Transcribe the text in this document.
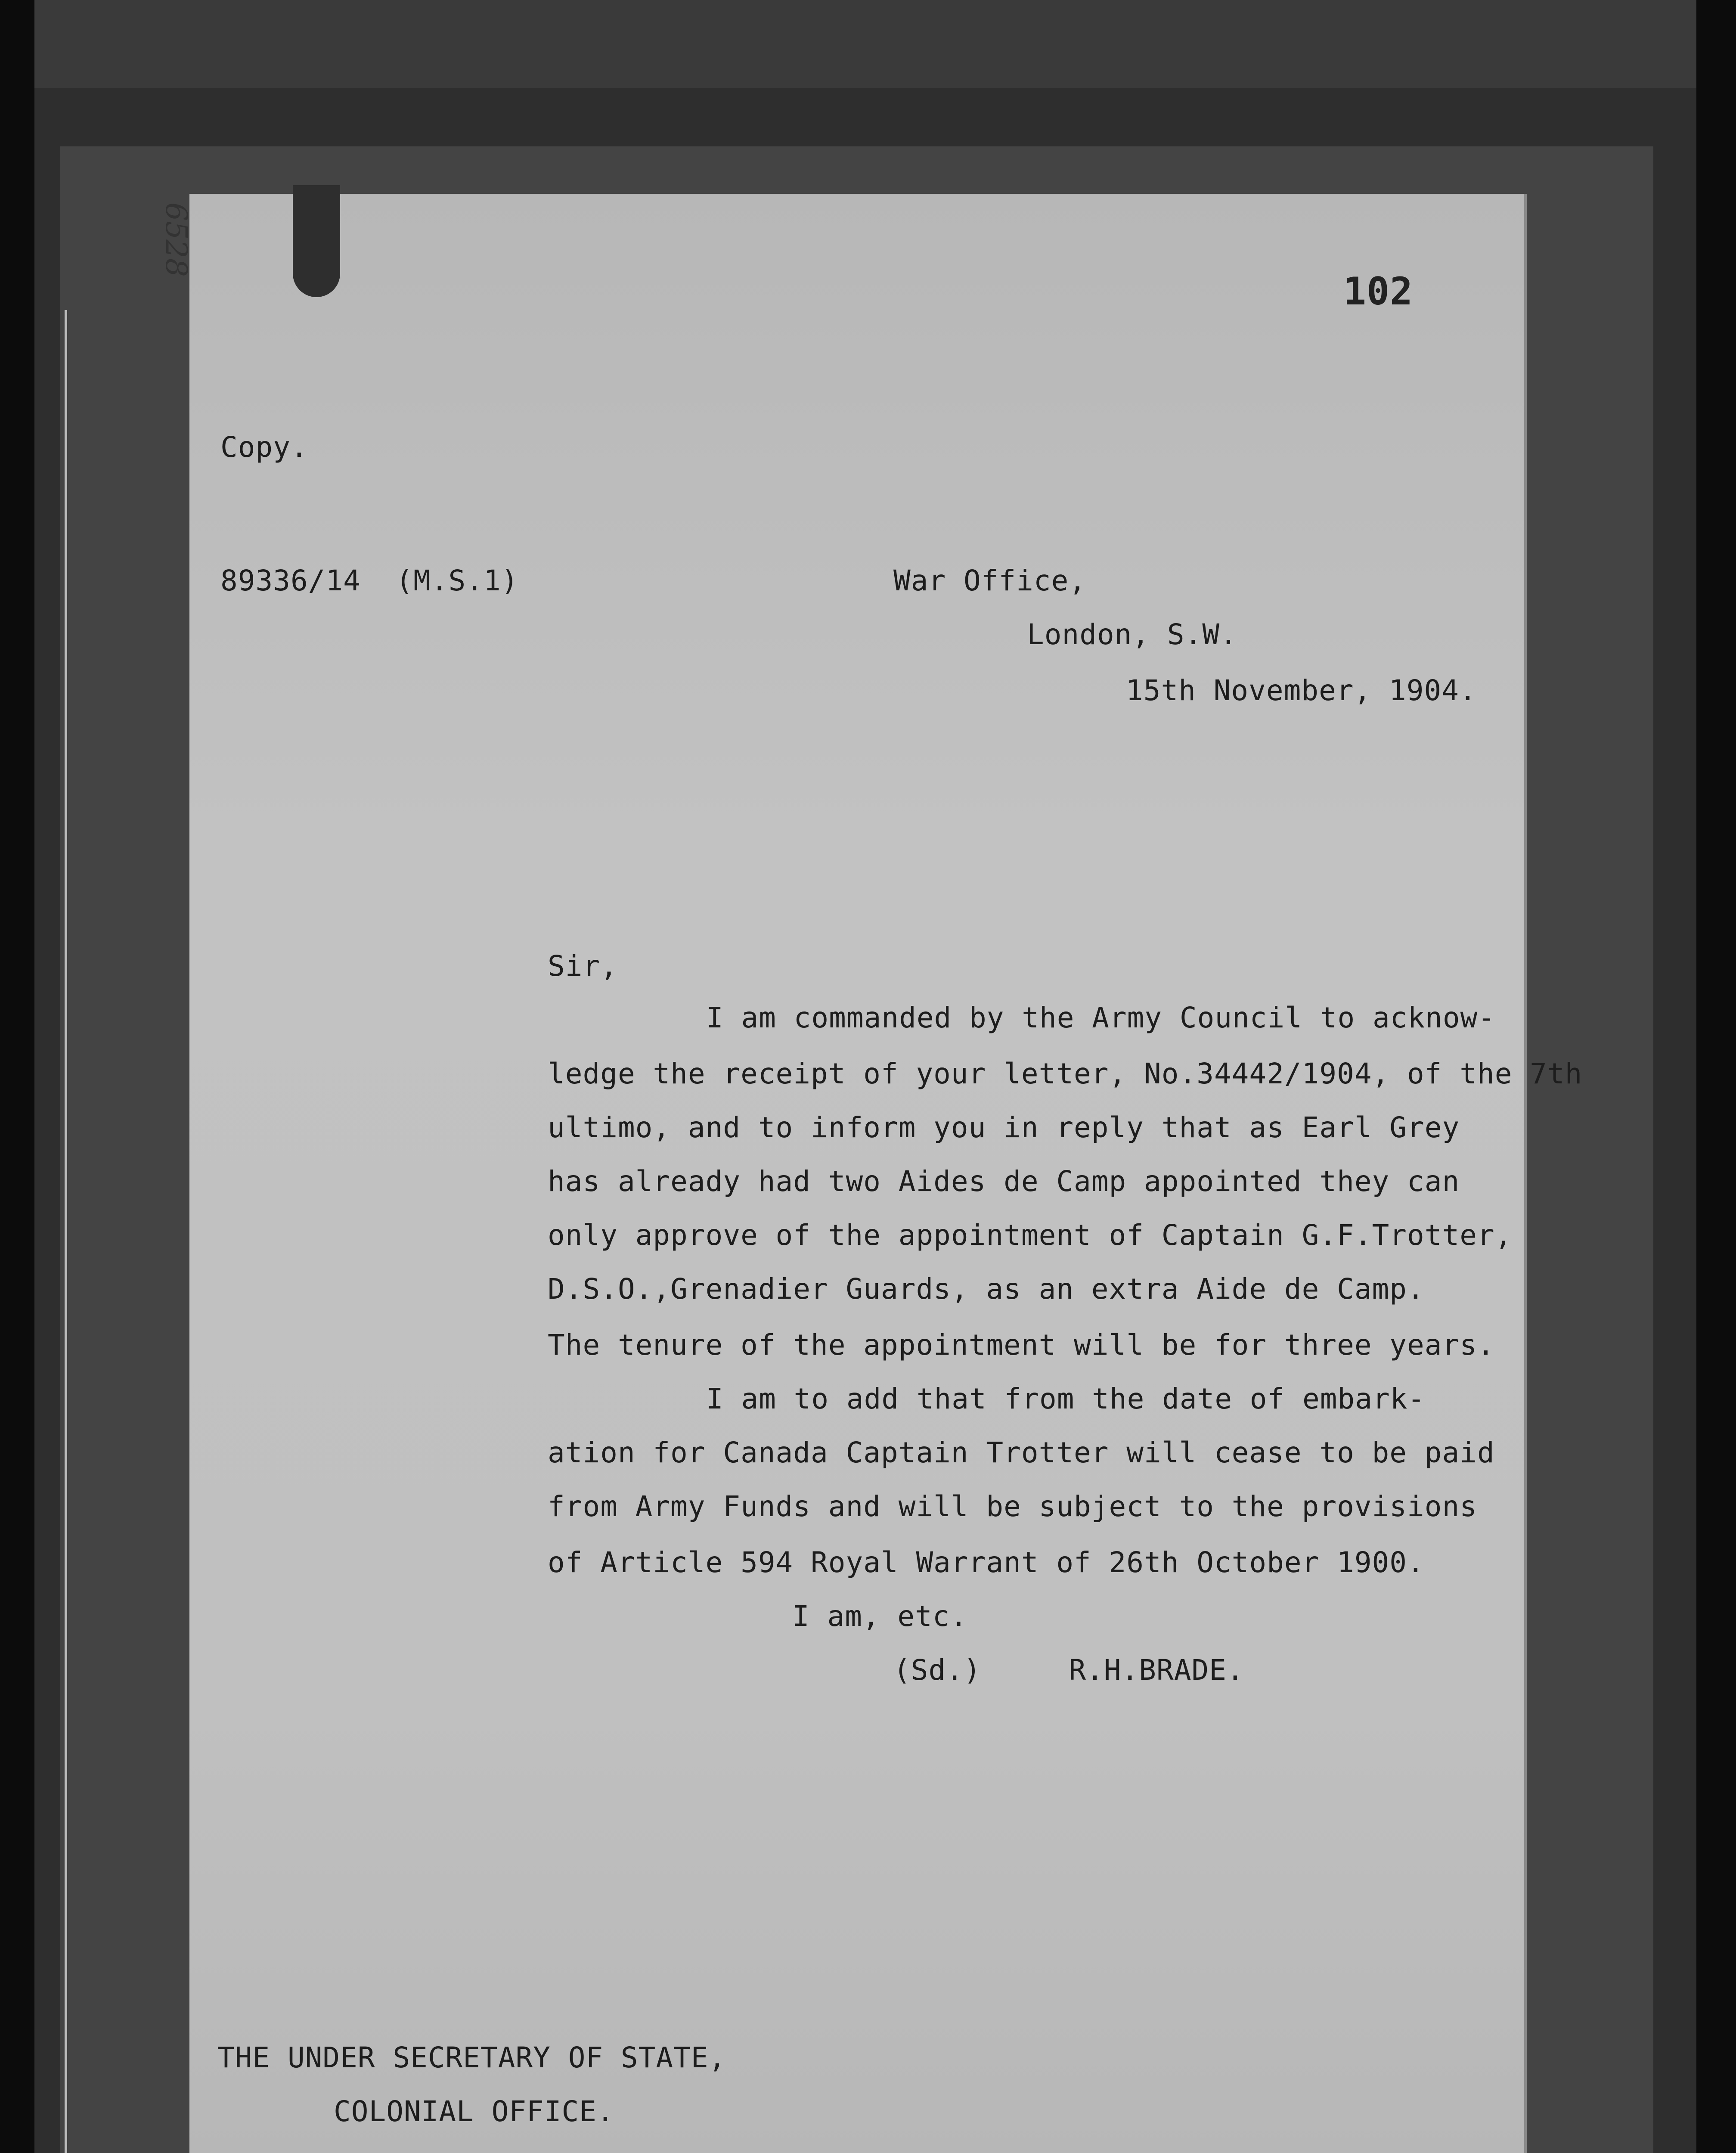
6528
102
Copy.
89336/14  (M.S.1)	War Office,
London, S.W.
15th November, 1904.
Sir,
I am commanded by the Army Council to acknow-
ledge the receipt of your letter, No.34442/1904, of the 7th
ultimo, and to inform you in reply that as Earl Grey
has already had two Aides de Camp appointed they can
only approve of the appointment of Captain G.F.Trotter,
D.S.O.,Grenadier Guards, as an extra Aide de Camp.
The tenure of the appointment will be for three years.
I am to add that from the date of embark-
ation for Canada Captain Trotter will cease to be paid
from Army Funds and will be subject to the provisions
of Article 594 Royal Warrant of 26th October 1900.
I am, etc.
(Sd.)     R.H.BRADE.
THE UNDER SECRETARY OF STATE,
COLONIAL OFFICE.
